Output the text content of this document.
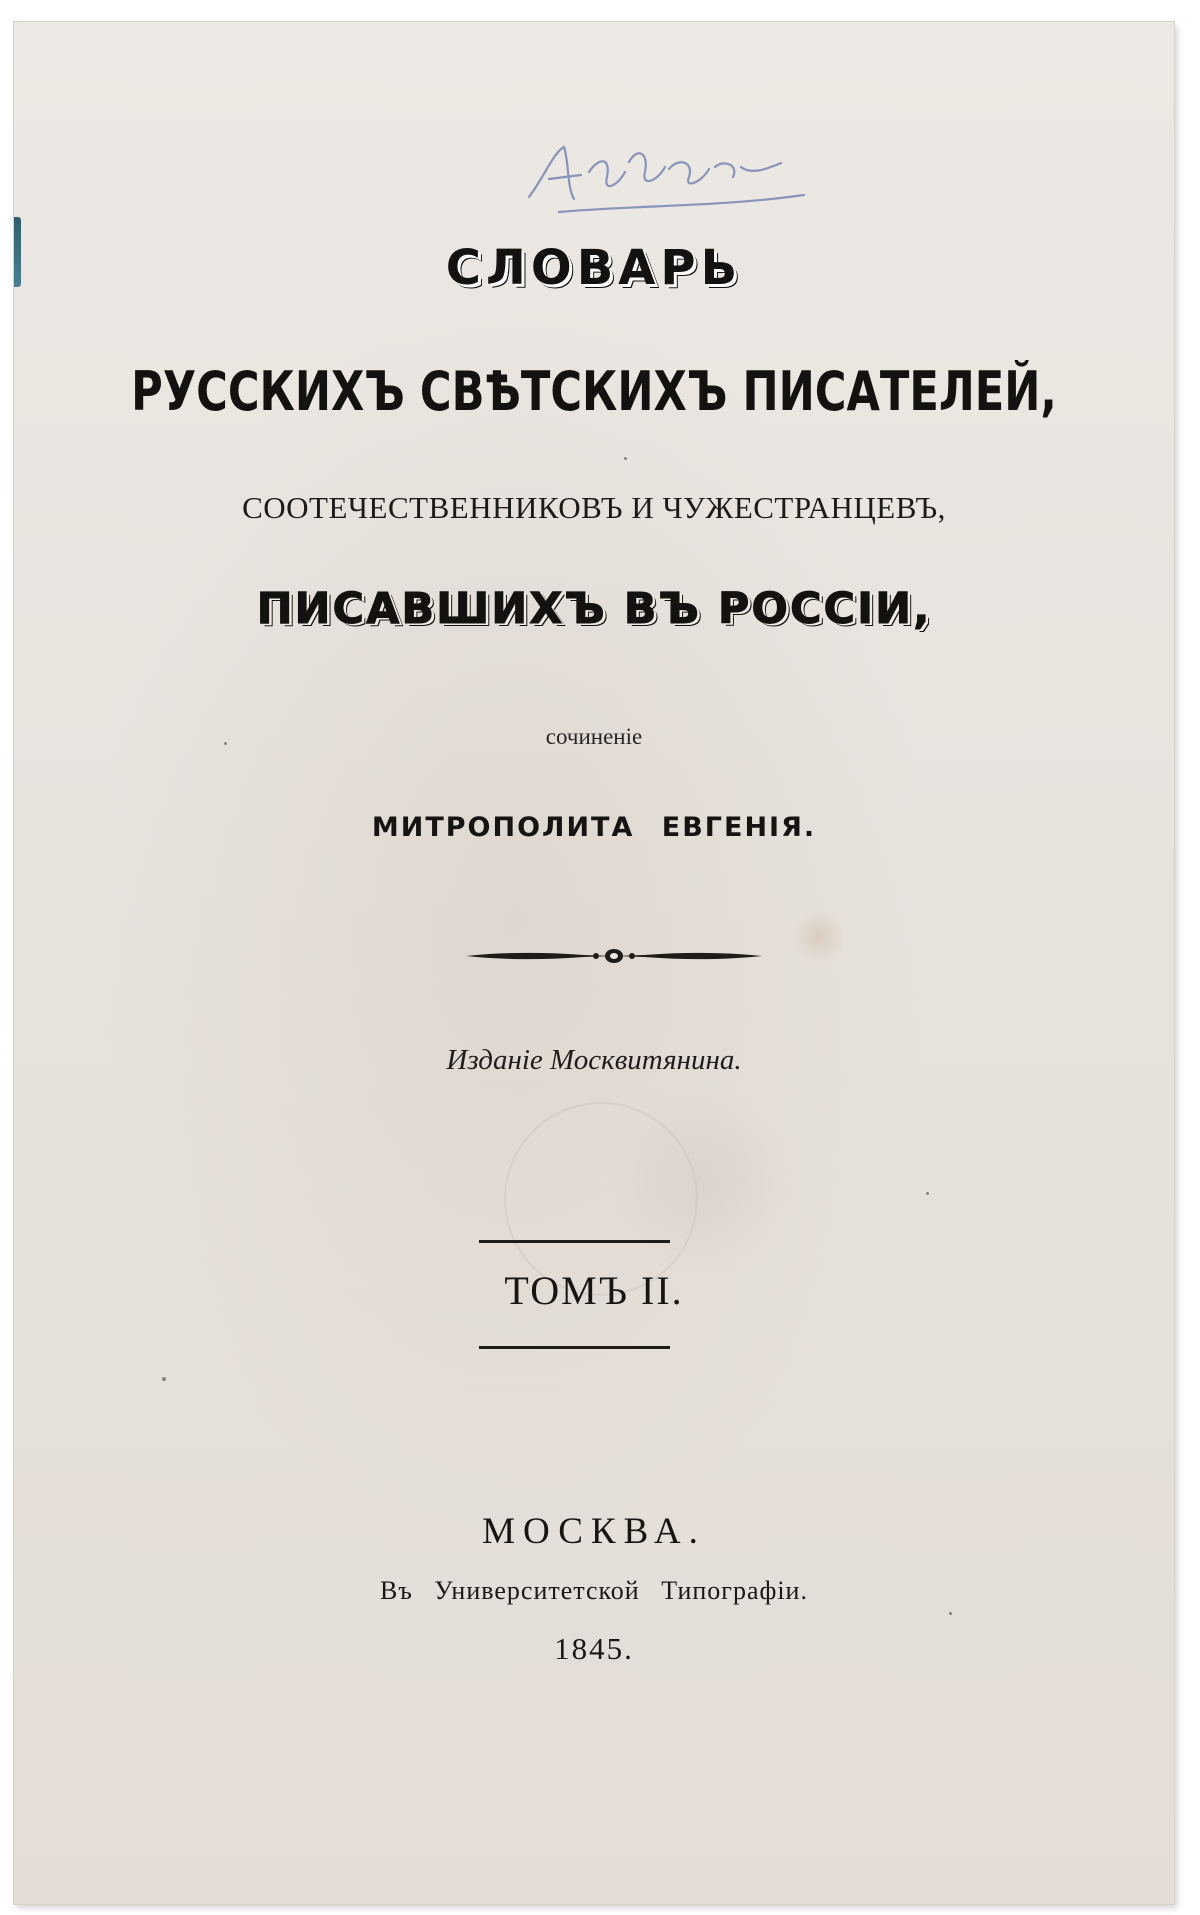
СЛОВАРЬ
РУССКИХЪ СВѢТСКИХЪ ПИСАТЕЛЕЙ,
СООТЕЧЕСТВЕННИКОВЪ И ЧУЖЕСТРАНЦЕВЪ,
ПИСАВШИХЪ ВЪ РОССІИ,
сочиненіе
МИТРОПОЛИТА ЕВГЕНІЯ.
Изданіе Москвитянина.
ТОМЪ II.
МОСКВА.
Въ Университетской Типографіи.
1845.
